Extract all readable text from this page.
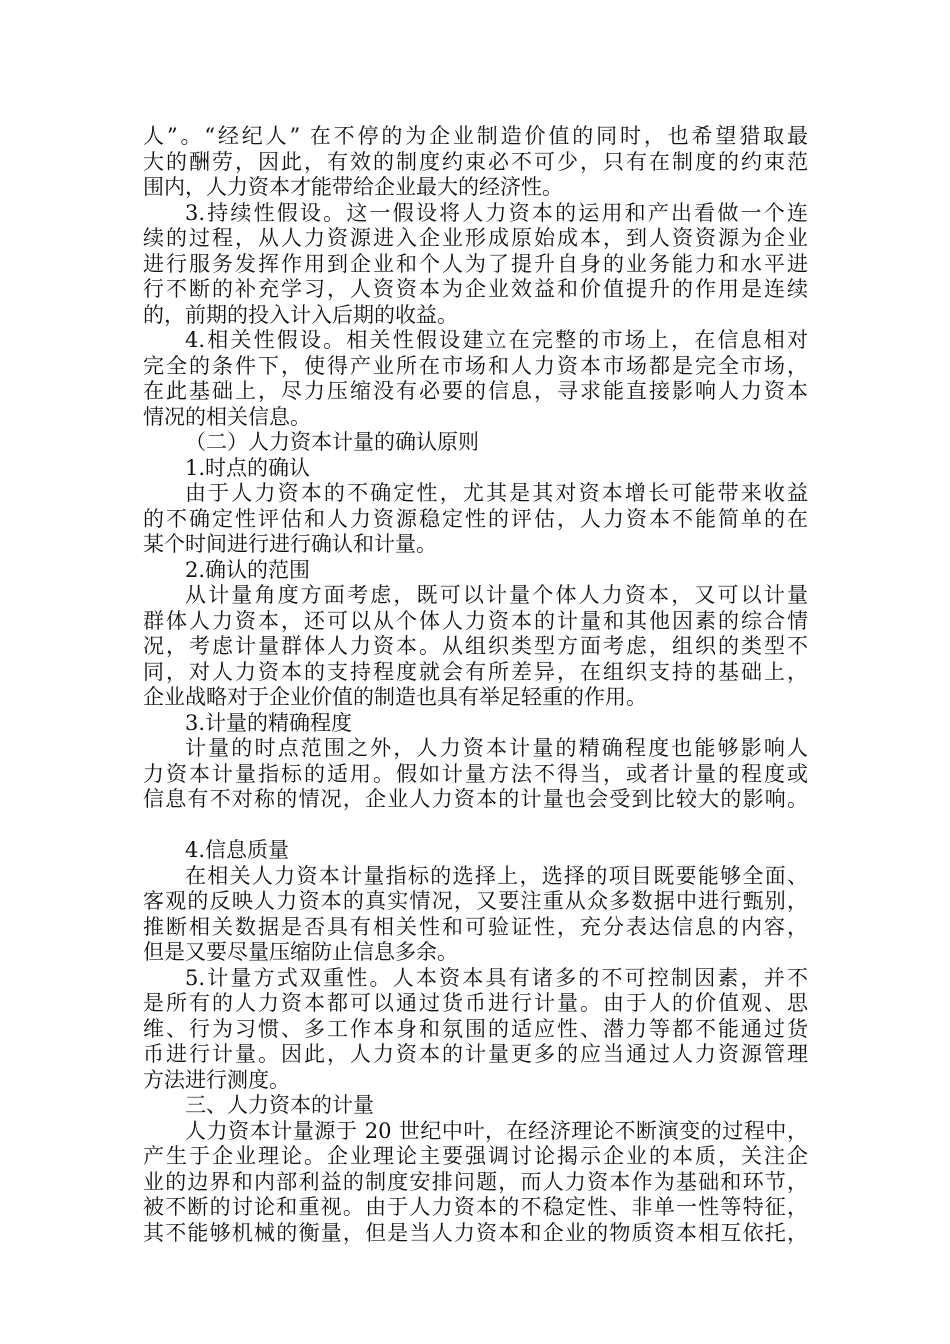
人”。“经纪人” 在不停的为企业制造价值的同时，也希望猎取最
大的酬劳，因此，有效的制度约束必不可少，只有在制度的约束范
围内，人力资本才能带给企业最大的经济性。
3.持续性假设。这一假设将人力资本的运用和产出看做一个连
续的过程，从人力资源进入企业形成原始成本，到人资资源为企业
进行服务发挥作用到企业和个人为了提升自身的业务能力和水平进
行不断的补充学习，人资资本为企业效益和价值提升的作用是连续
的，前期的投入计入后期的收益。
4.相关性假设。相关性假设建立在完整的市场上，在信息相对
完全的条件下，使得产业所在市场和人力资本市场都是完全市场，
在此基础上，尽力压缩没有必要的信息，寻求能直接影响人力资本
情况的相关信息。
（二）人力资本计量的确认原则
1.时点的确认
由于人力资本的不确定性，尤其是其对资本增长可能带来收益
的不确定性评估和人力资源稳定性的评估，人力资本不能简单的在
某个时间进行进行确认和计量。
2.确认的范围
从计量角度方面考虑，既可以计量个体人力资本，又可以计量
群体人力资本，还可以从个体人力资本的计量和其他因素的综合情
况，考虑计量群体人力资本。从组织类型方面考虑，组织的类型不
同，对人力资本的支持程度就会有所差异，在组织支持的基础上，
企业战略对于企业价值的制造也具有举足轻重的作用。
3.计量的精确程度
计量的时点范围之外，人力资本计量的精确程度也能够影响人
力资本计量指标的适用。假如计量方法不得当，或者计量的程度或
信息有不对称的情况，企业人力资本的计量也会受到比较大的影响。
4.信息质量
在相关人力资本计量指标的选择上，选择的项目既要能够全面、
客观的反映人力资本的真实情况，又要注重从众多数据中进行甄别，
推断相关数据是否具有相关性和可验证性，充分表达信息的内容，
但是又要尽量压缩防止信息多余。
5.计量方式双重性。人本资本具有诸多的不可控制因素，并不
是所有的人力资本都可以通过货币进行计量。由于人的价值观、思
维、行为习惯、多工作本身和氛围的适应性、潜力等都不能通过货
币进行计量。因此，人力资本的计量更多的应当通过人力资源管理
方法进行测度。
三、人力资本的计量
人力资本计量源于 20 世纪中叶，在经济理论不断演变的过程中，
产生于企业理论。企业理论主要强调讨论揭示企业的本质，关注企
业的边界和内部利益的制度安排问题，而人力资本作为基础和环节，
被不断的讨论和重视。由于人力资本的不稳定性、非单一性等特征，
其不能够机械的衡量，但是当人力资本和企业的物质资本相互依托，
